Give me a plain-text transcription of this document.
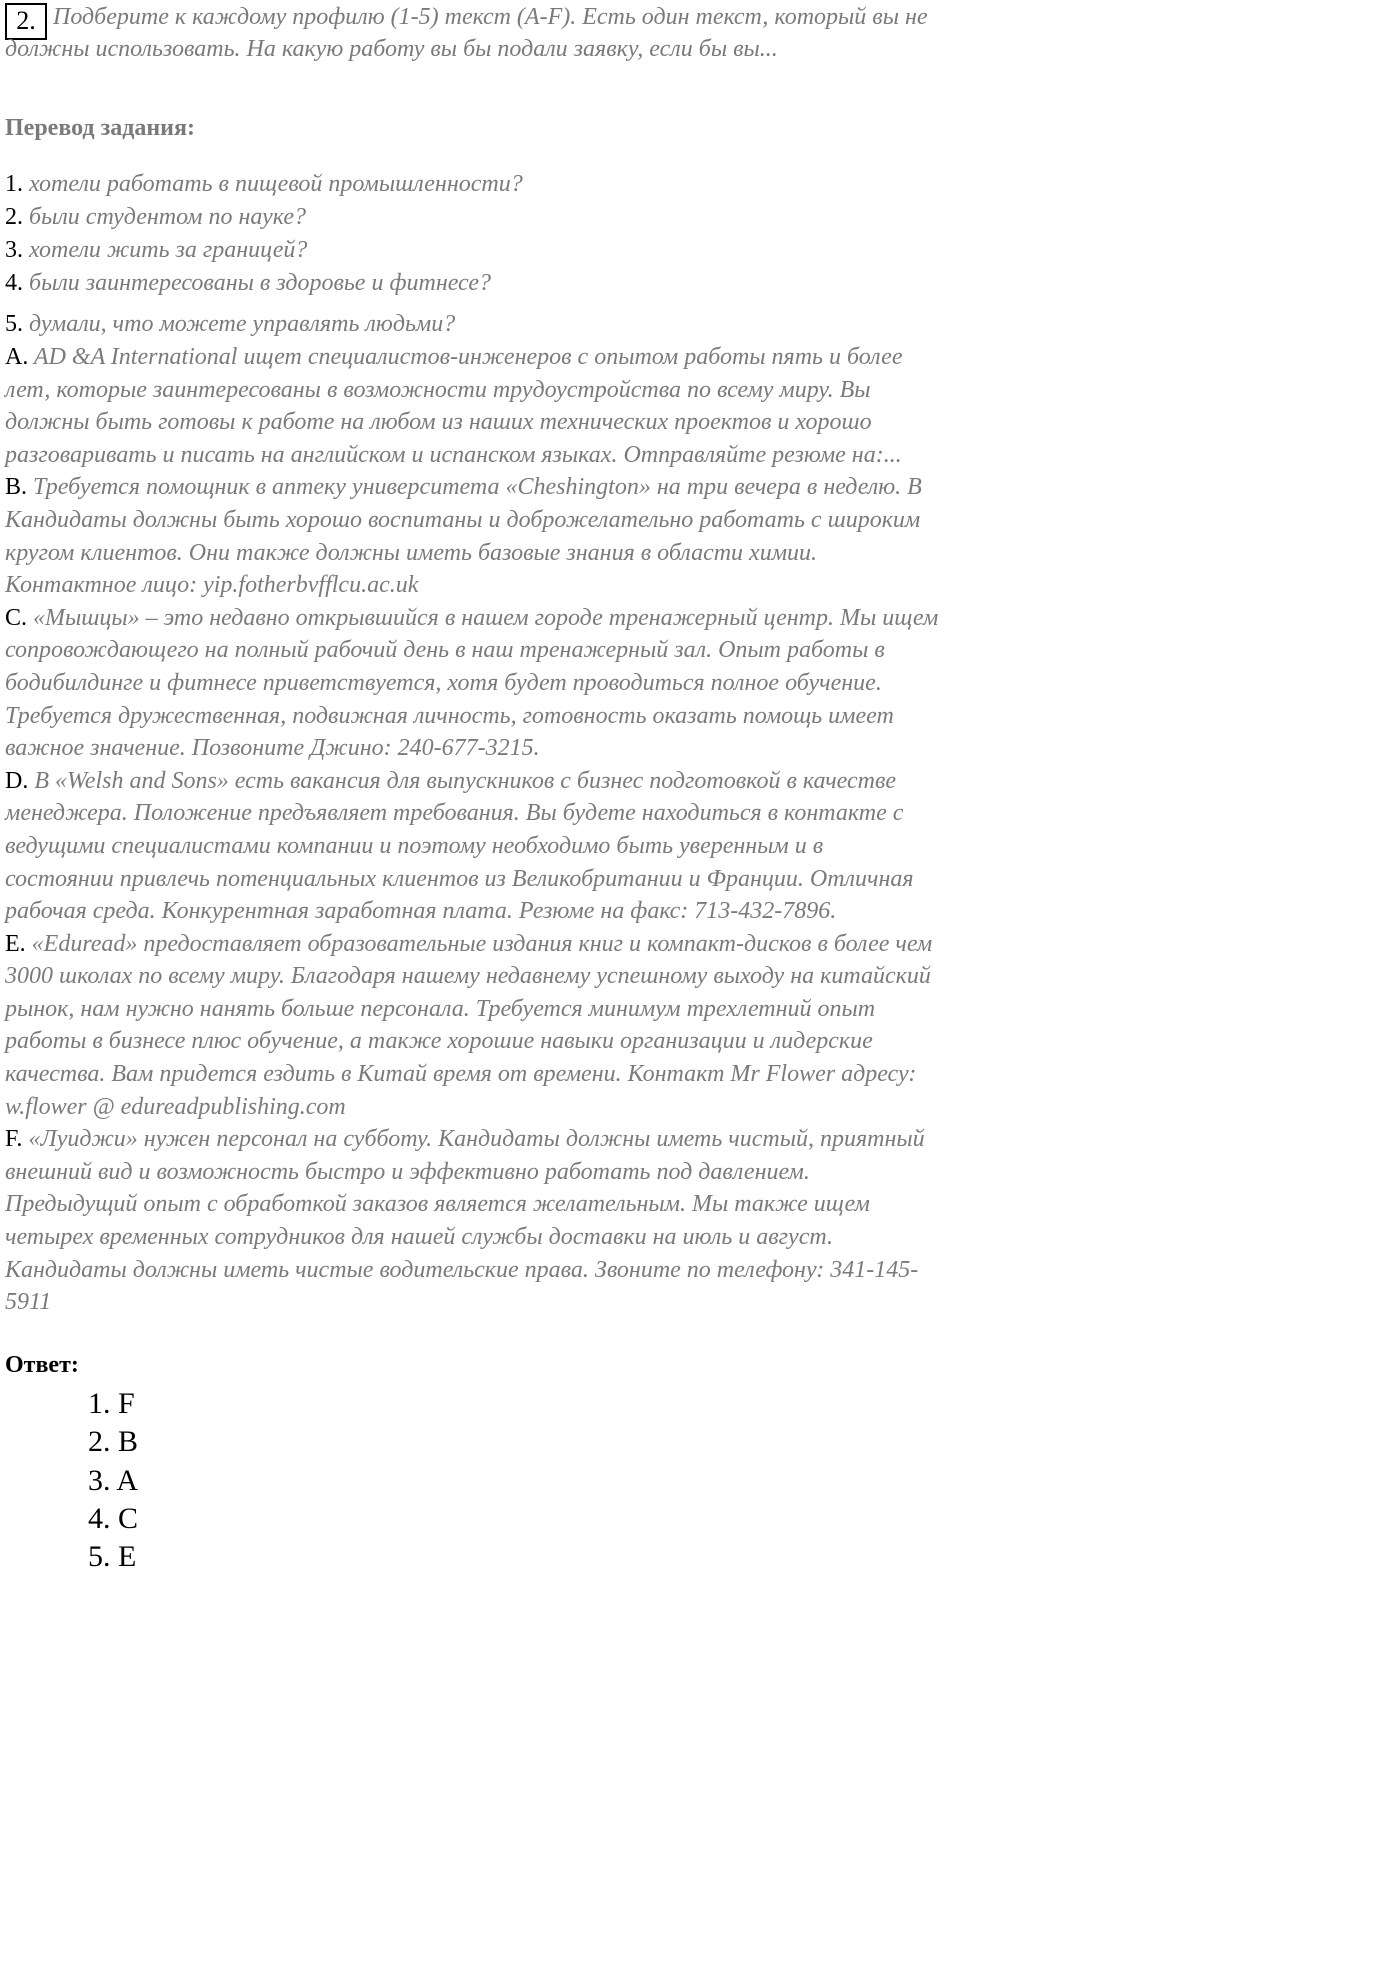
2. Подберите к каждому профилю (1-5) текст (A-F). Есть один текст, который вы не
должны использовать. На какую работу вы бы подали заявку, если бы вы...
Перевод задания:
1. хотели работать в пищевой промышленности?
2. были студентом по науке?
3. хотели жить за границей?
4. были заинтересованы в здоровье и фитнесе?
5. думали, что можете управлять людьми?
A. AD &A International ищет специалистов-инженеров с опытом работы пять и более
лет, которые заинтересованы в возможности трудоустройства по всему миру. Вы
должны быть готовы к работе на любом из наших технических проектов и хорошо
разговаривать и писать на английском и испанском языках. Отправляйте резюме на:...
B. Требуется помощник в аптеку университета «Cheshington» на три вечера в неделю. В
Кандидаты должны быть хорошо воспитаны и доброжелательно работать с широким
кругом клиентов. Они также должны иметь базовые знания в области химии.
Контактное лицо: yip.fotherbvfflcu.ac.uk
C. «Мышцы» – это недавно открывшийся в нашем городе тренажерный центр. Мы ищем
сопровождающего на полный рабочий день в наш тренажерный зал. Опыт работы в
бодибилдинге и фитнесе приветствуется, хотя будет проводиться полное обучение.
Требуется дружественная, подвижная личность, готовность оказать помощь имеет
важное значение. Позвоните Джино: 240-677-3215.
D. В «Welsh and Sons» есть вакансия для выпускников с бизнес подготовкой в качестве
менеджера. Положение предъявляет требования. Вы будете находиться в контакте с
ведущими специалистами компании и поэтому необходимо быть уверенным и в
состоянии привлечь потенциальных клиентов из Великобритании и Франции. Отличная
рабочая среда. Конкурентная заработная плата. Резюме на факс: 713-432-7896.
E. «Eduread» предоставляет образовательные издания книг и компакт-дисков в более чем
3000 школах по всему миру. Благодаря нашему недавнему успешному выходу на китайский
рынок, нам нужно нанять больше персонала. Требуется минимум трехлетний опыт
работы в бизнесе плюс обучение, а также хорошие навыки организации и лидерские
качества. Вам придется ездить в Китай время от времени. Контакт Mr Flower адресу:
w.flower @ edureadpublishing.com
F. «Луиджи» нужен персонал на субботу. Кандидаты должны иметь чистый, приятный
внешний вид и возможность быстро и эффективно работать под давлением.
Предыдущий опыт с обработкой заказов является желательным. Мы также ищем
четырех временных сотрудников для нашей службы доставки на июль и август.
Кандидаты должны иметь чистые водительские права. Звоните по телефону: 341-145-
5911
Ответ:
1. F
2. B
3. A
4. C
5. E
